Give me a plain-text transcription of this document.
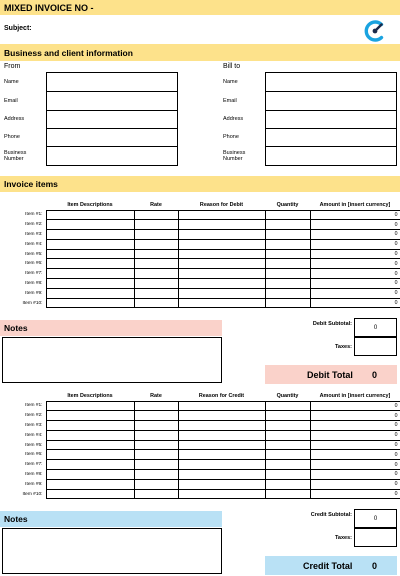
MIXED INVOICE NO -
Subject:
Business and client information
From	Bill to
Name
Email
Address
Phone
Business Number
Name
Email
Address
Phone
Business Number
Invoice items
	Item Descriptions	Rate	Reason for Debit	Quantity	Amount in [insert currency]
Item #1:					0
Item #2:					0
Item #3:					0
Item #4:					0
Item #5:					0
Item #6:					0
Item #7:					0
Item #8:					0
Item #9:					0
Item #10:					0
Notes	Debit Subtotal:
0
Taxes:
Debit Total 0
	Item Descriptions	Rate	Reason for Credit	Quantity	Amount in [insert currency]
Item #1:					0
Item #2:					0
Item #3:					0
Item #4:					0
Item #5:					0
Item #6:					0
Item #7:					0
Item #8:					0
Item #9:					0
Item #10:					0
Notes	Credit Subtotal:
0
Taxes:
Credit Total 0
